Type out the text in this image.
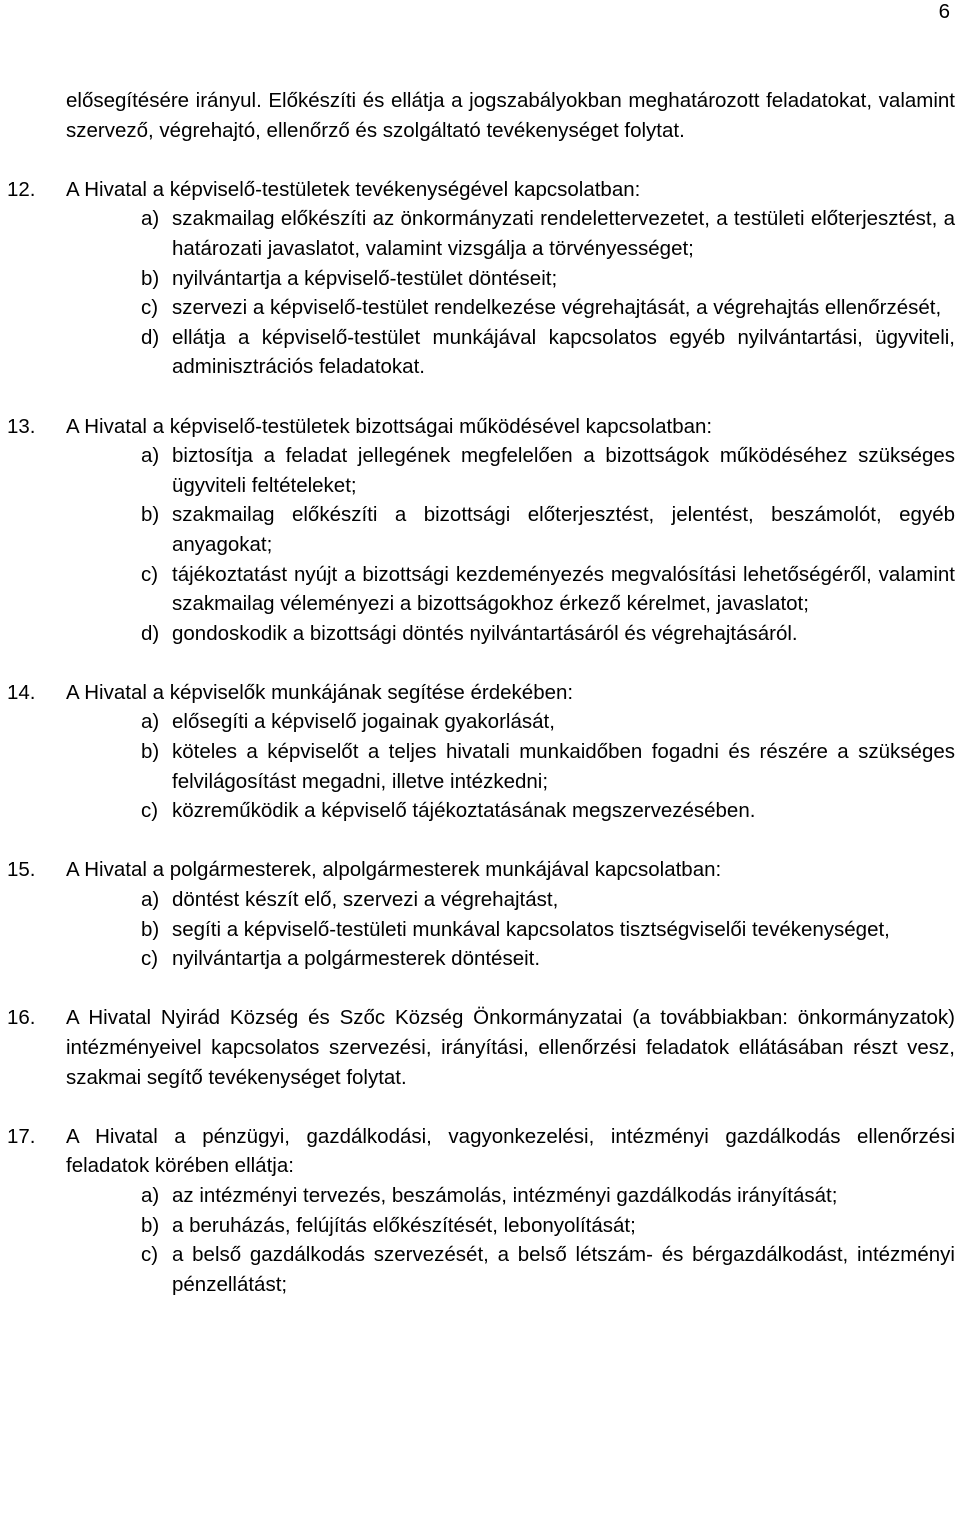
6
elősegítésére irányul. Előkészíti és ellátja a jogszabályokban meghatározott feladatokat, valamint szervező, végrehajtó, ellenőrző és szolgáltató tevékenységet folytat.
12. A Hivatal a képviselő-testületek tevékenységével kapcsolatban:
a) szakmailag előkészíti az önkormányzati rendelettervezetet, a testületi előterjesztést, a határozati javaslatot, valamint vizsgálja a törvényességet;
b) nyilvántartja a képviselő-testület döntéseit;
c) szervezi a képviselő-testület rendelkezése végrehajtását, a végrehajtás ellenőrzését,
d) ellátja a képviselő-testület munkájával kapcsolatos egyéb nyilvántartási, ügyviteli, adminisztrációs feladatokat.
13. A Hivatal a képviselő-testületek bizottságai működésével kapcsolatban:
a) biztosítja a feladat jellegének megfelelően a bizottságok működéséhez szükséges ügyviteli feltételeket;
b) szakmailag előkészíti a bizottsági előterjesztést, jelentést, beszámolót, egyéb anyagokat;
c) tájékoztatást nyújt a bizottsági kezdeményezés megvalósítási lehetőségéről, valamint szakmailag véleményezi a bizottságokhoz érkező kérelmet, javaslatot;
d) gondoskodik a bizottsági döntés nyilvántartásáról és végrehajtásáról.
14. A Hivatal a képviselők munkájának segítése érdekében:
a) elősegíti a képviselő jogainak gyakorlását,
b) köteles a képviselőt a teljes hivatali munkaidőben fogadni és részére a szükséges felvilágosítást megadni, illetve intézkedni;
c) közreműködik a képviselő tájékoztatásának megszervezésében.
15. A Hivatal a polgármesterek, alpolgármesterek munkájával kapcsolatban:
a) döntést készít elő, szervezi a végrehajtást,
b) segíti a képviselő-testületi munkával kapcsolatos tisztségviselői tevékenységet,
c) nyilvántartja a polgármesterek döntéseit.
16. A Hivatal Nyirád Község és Szőc Község Önkormányzatai (a továbbiakban: önkormányzatok) intézményeivel kapcsolatos szervezési, irányítási, ellenőrzési feladatok ellátásában részt vesz, szakmai segítő tevékenységet folytat.
17. A Hivatal a pénzügyi, gazdálkodási, vagyonkezelési, intézményi gazdálkodás ellenőrzési feladatok körében ellátja:
a) az intézményi tervezés, beszámolás, intézményi gazdálkodás irányítását;
b) a beruházás, felújítás előkészítését, lebonyolítását;
c) a belső gazdálkodás szervezését, a belső létszám- és bérgazdálkodást, intézményi pénzellátást;
